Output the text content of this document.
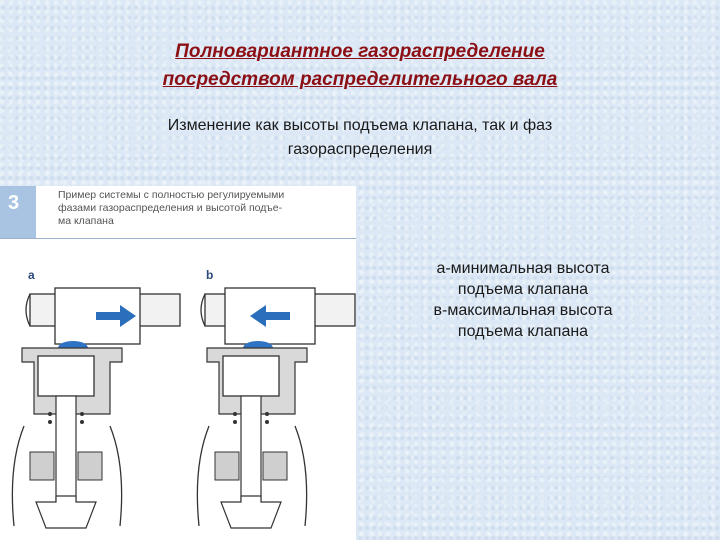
Полновариантное газораспределение
посредством распределительного вала
Изменение как высоты подъема клапана, так и фаз
газораспределения
3	Пример системы с полностью регулируемыми
фазами газораспределения и высотой подъе-
ма клапана
a	b	а-минимальная высота
подъема клапана
в-максимальная высота
подъема клапана
